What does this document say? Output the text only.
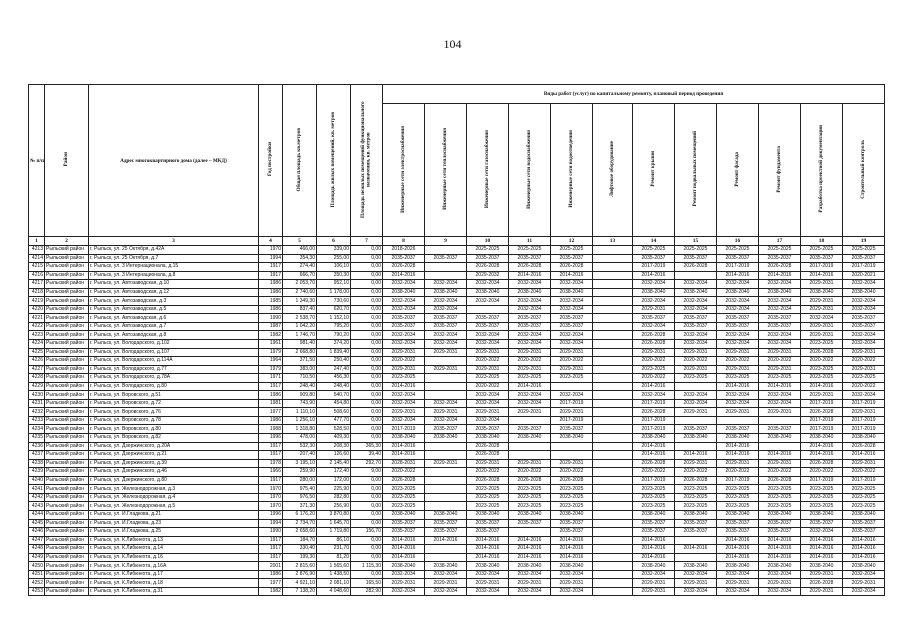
104
№ п/п	Район	Адрес многоквартирного дома (далее – МКД)	Год постройки	Общая площадь кв.метров	Площадь жилых помещений, кв. метров	Площадь нежилых помещений функционального назначения, кв. метров	Виды работ (услуг) по капитальному ремонту, плановый период проведения											
							Инженерные сети электроснабжения	Инженерные сети теплоснабжения	Инженерные сети газоснабжения	Инженерные сети водоснабжения	Инженерные сети водоотведения	Лифтовое оборудование	Ремонт крыши	Ремонт подвальных помещений	Ремонт фасада	Ремонт фундамента	Разработка проектной документации	Строительный контроль
1	2	3	4	5	6	7	8	9	10	11	12	13	14	15	16	17	18	19
4213	Рыльский район	г. Рыльск, ул. 25 Октября, д.42А	1970	466,00	339,00	0,00	2018-2026		2025-2025	2025-2025	2025-2025		2025-2025	2025-2025	2025-2025	2025-2025	2025-2025	2025-2025
4214	Рыльский район	г. Рыльск, ул. 25 Октября, д.7	1994	354,30	255,00	0,00	2035-2037	2035-2037	2035-2037	2035-2037	2035-2037		2035-2037	2035-2037	2035-2037	2035-2037	2035-2037	2035-2037
4215	Рыльский район	г. Рыльск, ул. 3 Интернационала, д.15	1917	274,40	106,10	0,00	2026-2028		2026-2028	2026-2028	2026-2028		2017-2019	2026-2028	2017-2019	2026-2028	2017-2019	2017-2019
4216	Рыльский район	г. Рыльск, ул. 3 Интернационала, д.8	1917	666,70	350,30	0,00	2014-2016		2029-2032	2014-2016	2014-2016		2014-2016		2014-2016	2014-2016	2014-2016	2020-2021
4217	Рыльский район	г. Рыльск, ул. Автозаводская, д.10	1986	2 053,70	952,10	0,00	2032-2034	2032-2034	2032-2034	2032-2034	2032-2034		2032-2034	2032-2034	2032-2034	2032-2034	2029-2031	2032-2034
4218	Рыльский район	г. Рыльск, ул. Автозаводская, д.12	1986	2 740,60	1 178,00	0,00	2038-2040	2038-2040	2038-2040	2038-2040	2038-2040		2038-2040	2038-2040	2038-2040	2038-2040	2038-2040	2038-2040
4219	Рыльский район	г. Рыльск, ул. Автозаводская, д.3	1985	1 349,30	730,60	0,00	2032-2034	2032-2034	2032-2034	2032-2034	2032-2034		2032-2034	2032-2034	2032-2034	2032-2034	2029-2031	2032-2034
4220	Рыльский район	г. Рыльск, ул. Автозаводская, д.5	1986	837,40	620,70	0,00	2032-2034	2032-2034		2032-2034	2032-2034		2029-2031	2032-2034	2032-2034	2032-2034	2029-2031	2032-2034
4221	Рыльский район	г. Рыльск, ул. Автозаводская, д.6	1990	2 538,70	1 152,10	0,00	2035-2037	2035-2037	2035-2037	2035-2037	2035-2037		2035-2037	2035-2037	2035-2037	2035-2037	2032-2034	2035-2037
4222	Рыльский район	г. Рыльск, ул. Автозаводская, д.7	1987	1 042,20	795,20	0,00	2035-2037	2035-2037	2035-2037	2035-2037	2035-2037		2032-2034	2035-2037	2035-2037	2035-2037	2029-2031	2035-2037
4223	Рыльский район	г. Рыльск, ул. Автозаводская, д.8	1982	1 746,70	790,20	0,00	2032-2034	2032-2034	2032-2034	2032-2034	2032-2034		2026-2028	2032-2034	2032-2034	2032-2034	2029-2031	2032-2034
4224	Рыльский район	г. Рыльск, ул. Володарского, д.102	1961	981,40	374,20	0,00	2032-2034	2032-2034	2032-2034	2032-2034	2032-2034		2026-2028	2032-2034	2032-2034	2032-2034	2023-2025	2032-2034
4225	Рыльский район	г. Рыльск, ул. Володарского, д.107	1979	2 668,80	1 839,40	0,00	2029-2031	2029-2031	2029-2031	2029-2031	2029-2031		2029-2031	2029-2031	2029-2031	2029-2031	2026-2028	2029-2031
4226	Рыльский район	г. Рыльск, ул. Володарского, д.114А	1964	371,50	250,40	0,00	2020-2022		2020-2022	2020-2022	2020-2022		2020-2022	2020-2022	2020-2022	2020-2022	2020-2022	2020-2022
4227	Рыльский район	г. Рыльск, ул. Володарского, д.77	1979	383,00	247,40	0,00	2029-2031	2029-2031	2029-2031	2029-2031	2029-2031		2023-2025	2029-2031	2029-2031	2029-2031	2023-2025	2029-2031
4228	Рыльский район	г. Рыльск, ул. Володарского, д.78А	1971	710,50	456,30	0,00	2023-2025		2023-2025	2023-2025	2023-2025		2020-2022	2023-2025	2023-2025	2023-2025	2023-2025	2023-2025
4229	Рыльский район	г. Рыльск, ул. Володарского, д.80	1917	248,40	248,40	0,00	2014-2016		2020-2022	2014-2016			2014-2016		2014-2016	2014-2016	2014-2016	2020-2022
4230	Рыльский район	г. Рыльск, ул. Воровского, д.51	1986	909,80	540,70	0,00	2032-2034		2032-2034	2032-2034	2032-2034		2032-2034	2032-2034	2032-2034	2032-2034	2029-2031	2032-2034
4231	Рыльский район	г. Рыльск, ул. Воровского, д.72	1981	743,90	454,80	0,00	2032-2034	2032-2034	2032-2034	2032-2034	2017-2019		2017-2019	2032-2034	2032-2034	2032-2034	2017-2019	2017-2019
4232	Рыльский район	г. Рыльск, ул. Воровского, д.76	1977	1 110,10	508,60	0,00	2029-2031	2029-2031	2029-2031	2029-2031	2029-2031		2026-2028	2029-2031	2029-2031	2029-2031	2026-2028	2029-2031
4233	Рыльский район	г. Рыльск, ул. Воровского, д.78	1986	1 256,10	477,70	0,00	2032-2034	2032-2034	2032-2034		2017-2019		2017-2019				2017-2019	2017-2019
4234	Рыльский район	г. Рыльск, ул. Воровского, д.80	1988	1 318,80	528,50	0,00	2017-2019	2035-2037	2035-2037	2035-2037	2035-2037		2017-2019	2035-2037	2035-2037	2035-2037	2017-2019	2017-2019
4235	Рыльский район	г. Рыльск, ул. Воровского, д.82	1996	478,00	409,30	0,00	2038-2040	2038-2040	2038-2040	2038-2040	2038-2040		2038-2040	2038-2040	2038-2040	2038-2040	2038-2040	2038-2040
4236	Рыльский район	г. Рыльск, ул. Дзержинского, д.20А	1917	532,30	208,30	365,30	2014-2016		2026-2028				2014-2016		2014-2016		2014-2016	2026-2028
4237	Рыльский район	г. Рыльск, ул. Дзержинского, д.21	1917	207,40	126,60	39,40	2014-2016		2026-2028				2014-2016	2014-2016	2014-2016	2014-2016	2014-2016	2014-2016
4238	Рыльский район	г. Рыльск, ул. Дзержинского, д.39	1978	3 195,10	2 145,40	292,70	2028-2031	2029-2031	2029-2031	2029-2031	2029-2031		2026-2028	2029-2031	2029-2031	2029-2031	2026-2028	2029-2031
4239	Рыльский район	г. Рыльск, ул. Дзержинского, д.46	1966	259,90	172,40	9,00	2020-2022		2020-2022	2020-2022	2020-2022		2020-2022	2020-2022	2020-2022	2020-2022	2020-2022	2020-2022
4240	Рыльский район	г. Рыльск, ул. Дзержинского, д.80	1917	280,00	172,00	0,00	2026-2028		2026-2028	2026-2028	2026-2028		2017-2019	2026-2028	2017-2019	2026-2028	2017-2019	2017-2019
4241	Рыльский район	г. Рыльск, ул. Железнодорожная, д.3	1970	975,40	225,90	0,00	2023-2025		2023-2025	2023-2025	2023-2025		2023-2025	2023-2025	2023-2025	2023-2025	2023-2025	2023-2025
4242	Рыльский район	г. Рыльск, ул. Железнодорожная, д.4	1970	976,50	282,80	0,00	2023-2025		2023-2025	2023-2025	2023-2025		2023-2025	2023-2025	2023-2025	2023-2025	2023-2025	2023-2025
4243	Рыльский район	г. Рыльск, ул. Железнодорожная, д.5	1970	371,30	256,90	0,00	2023-2025		2023-2025	2023-2025	2023-2025		2023-2025	2023-2025	2023-2025	2023-2025	2023-2025	2023-2025
4244	Рыльский район	г. Рыльск, ул. И.Гладкова, д.21	1996	6 176,20	3 870,80	0,00	2038-2040	2038-2040	2038-2040	2038-2040	2038-2040		2038-2040	2038-2040	2038-2040	2038-2040	2038-2040	2038-2040
4245	Рыльский район	г. Рыльск, ул. И.Гладкова, д.23	1994	2 734,70	1 645,70	0,00	2035-2037	2035-2037	2035-2037	2035-2037	2035-2037		2035-2037	2035-2037	2035-2037	2035-2037	2035-2037	2035-2037
4246	Рыльский район	г. Рыльск, ул. И.Гладкова, д.25	1990	2 658,60	1 719,80	156,70	2035-2037	2035-2037	2035-2037		2035-2037		2035-2037	2035-2037	2035-2037	2035-2037	2032-2034	2035-2037
4247	Рыльский район	г. Рыльск, ул. К.Либкнехта, д.13	1917	184,70	86,10	0,00	2014-2016	2014-2016	2014-2016	2014-2016	2014-2016		2014-2016		2014-2016	2014-2016	2014-2016	2014-2016
4248	Рыльский район	г. Рыльск, ул. К.Либкнехта, д.14	1917	330,40	231,70	0,00	2014-2016		2014-2016	2014-2016	2014-2016		2014-2016	2014-2016	2014-2016	2014-2016	2014-2016	2014-2016
4249	Рыльский район	г. Рыльск, ул. К.Либкнехта, д.16	1917	199,30	81,20	0,00	2014-2016		2014-2016	2014-2016	2014-2016		2014-2016		2014-2016	2014-2016	2014-2016	2014-2016
4250	Рыльский район	г. Рыльск, ул. К.Либкнехта, д.16А	2001	2 815,60	1 565,60	1 115,30	2038-2040	2038-2040	2038-2040	2038-2040	2038-2040		2038-2040	2038-2040	2038-2040	2038-2040	2038-2040	2038-2040
4251	Рыльский район	г. Рыльск, ул. К.Либкнехта, д.17	1986	2 876,90	1 438,50	0,00	2032-2034	2032-2034	2032-2034	2032-2034	2032-2034		2032-2034	2032-2034	2032-2034	2032-2034	2029-2031	2032-2034
4252	Рыльский район	г. Рыльск, ул. К.Либкнехта, д.18	1977	4 921,10	2 081,10	165,50	2029-2031	2029-2031	2029-2031	2029-2031	2029-2031		2029-2031	2029-2031	2029-2031	2029-2031	2026-2028	2029-2031
4253	Рыльский район	г. Рыльск, ул. К.Либкнехта, д.31	1982	7 138,20	4 048,60	282,90	2032-2034	2032-2034	2032-2034	2032-2034	2032-2034		2029-2031	2032-2034	2032-2034	2032-2034	2029-2031	2032-2034
